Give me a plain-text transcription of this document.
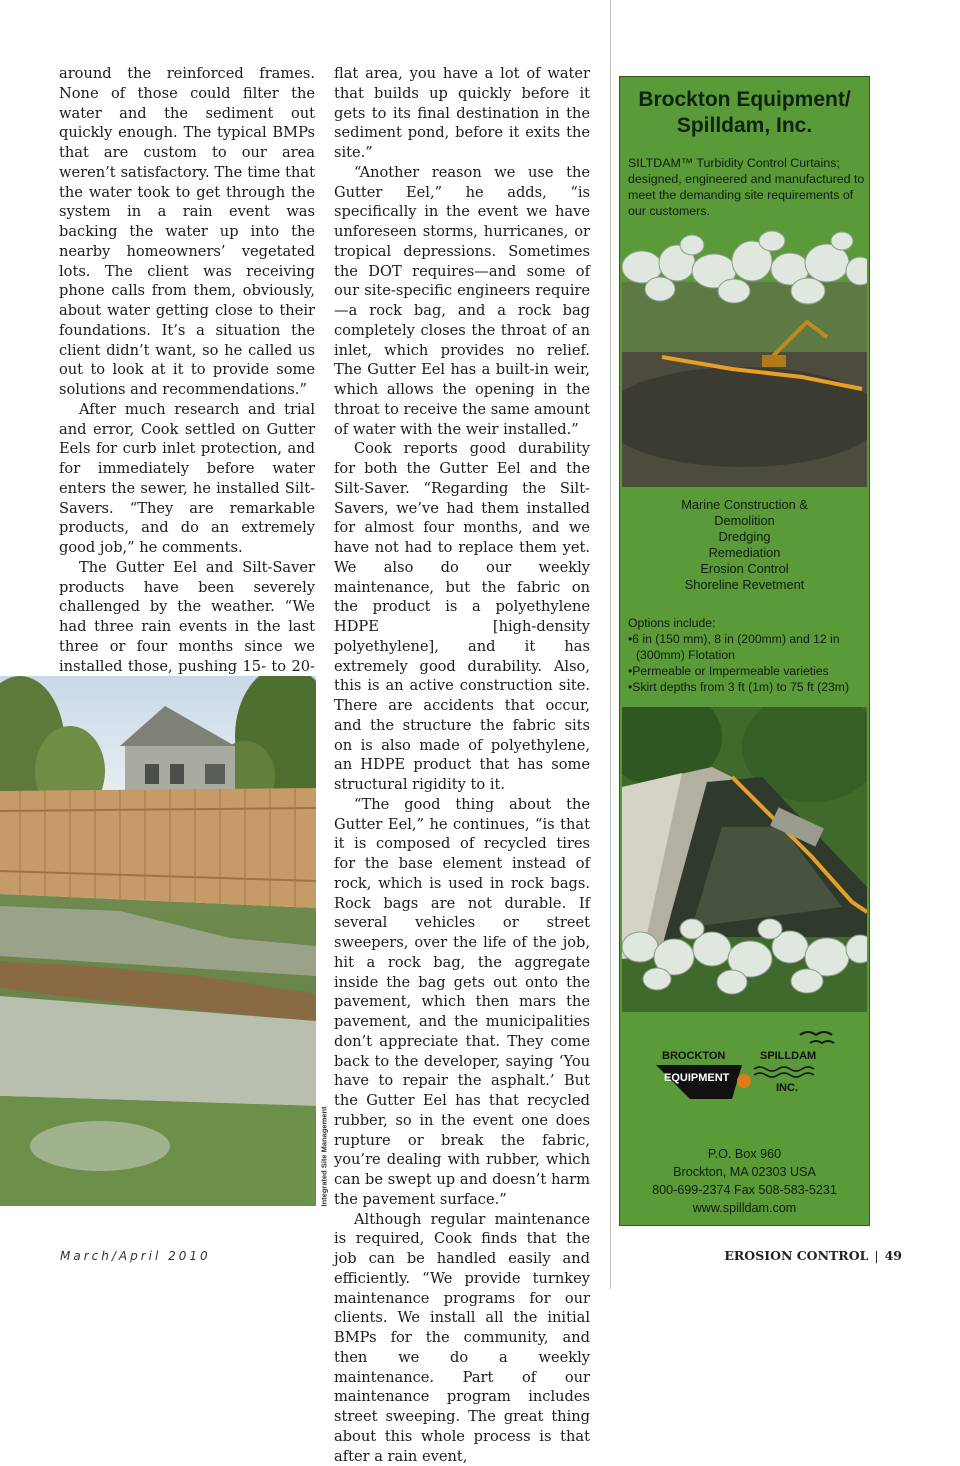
around the reinforced frames. None of those could filter the water and the sediment out quickly enough. The typical BMPs that are custom to our area weren’t satisfactory. The time that the water took to get through the system in a rain event was backing the water up into the nearby homeowners’ vegetated lots. The client was receiving phone calls from them, obviously, about water getting close to their foundations. It’s a situation the client didn’t want, so he called us out to look at it to provide some solutions and recommendations.”

After much research and trial and error, Cook settled on Gutter Eels for curb inlet protection, and for immediately before water enters the sewer, he installed Silt-Savers. “They are remarkable products, and do an extremely good job,” he comments.

The Gutter Eel and Silt-Saver products have been severely challenged by the weather. “We had three rain events in the last three or four months since we installed those, pushing 15- to 20-

flat area, you have a lot of water that builds up quickly before it gets to its final destination in the sediment pond, before it exits the site.”

“Another reason we use the Gutter Eel,” he adds, “is specifically in the event we have unforeseen storms, hurricanes, or tropical depressions. Sometimes the DOT requires—and some of our site-specific engineers require—a rock bag, and a rock bag completely closes the throat of an inlet, which provides no relief. The Gutter Eel has a built-in weir, which allows the opening in the throat to receive the same amount of water with the weir installed.”

Cook reports good durability for both the Gutter Eel and the Silt-Saver. “Regarding the Silt-Savers, we’ve had them installed for almost four months, and we have not had to replace them yet. We also do our weekly maintenance, but the fabric on the product is a polyethylene HDPE [high-density polyethylene], and it has extremely good durability. Also, this is an active construction site. There are accidents that occur, and the structure the fabric sits on is also made of polyethylene, an HDPE product that has some structural rigidity to it.

“The good thing about the Gutter Eel,” he continues, “is that it is composed of recycled tires for the base element instead of rock, which is used in rock bags. Rock bags are not durable. If several vehicles or street sweepers, over the life of the job, hit a rock bag, the aggregate inside the bag gets out onto the pavement, which then mars the pavement, and the municipalities don’t appreciate that. They come back to the developer, saying ‘You have to repair the asphalt.’ But the Gutter Eel has that recycled rubber, so in the event one does rupture or break the fabric, you’re dealing with rubber, which can be swept up and doesn’t harm the pavement surface.”

Although regular maintenance is required, Cook finds that the job can be handled easily and efficiently. “We provide turnkey maintenance programs for our clients. We install all the initial BMPs for the community, and then we do a weekly maintenance. Part of our maintenance program includes street sweeping. The great thing about this whole process is that after a rain event,

Integrated Site Management
Brockton Equipment/
Spilldam, Inc.
SILTDAM™ Turbidity Control Curtains; designed, engineered and manufactured to meet the demanding site requirements of our customers.
Marine Construction &
Demolition
Dredging
Remediation
Erosion Control
Shoreline Revetment
Options include:
•6 in (150 mm), 8 in (200mm) and 12 in (300mm) Flotation
•Permeable or Impermeable varieties
•Skirt depths from 3 ft (1m) to 75 ft (23m)
BROCKTON	SPILLDAM
EQUIPMENT
INC.
P.O. Box 960
Brockton, MA 02303 USA
800-699-2374 Fax 508-583-5231
www.spilldam.com
March/April 2010	EROSION CONTROL | 49
